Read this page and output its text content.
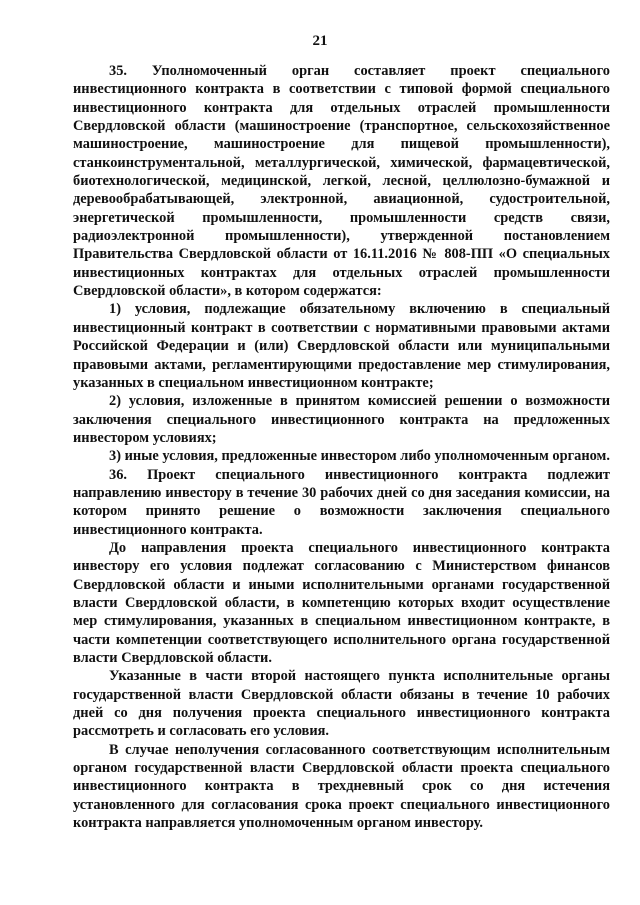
21

35. Уполномоченный орган составляет проект специального инвестиционного контракта в соответствии с типовой формой специального инвестиционного контракта для отдельных отраслей промышленности Свердловской области (машиностроение (транспортное, сельскохозяйственное машиностроение, машиностроение для пищевой промышленности), станкоинструментальной, металлургической, химической, фармацевтической, биотехнологической, медицинской, легкой, лесной, целлюлозно-бумажной и деревообрабатывающей, электронной, авиационной, судостроительной, энергетической промышленности, промышленности средств связи, радиоэлектронной промышленности), утвержденной постановлением Правительства Свердловской области от 16.11.2016 № 808-ПП «О специальных инвестиционных контрактах для отдельных отраслей промышленности Свердловской области», в котором содержатся:

1) условия, подлежащие обязательному включению в специальный инвестиционный контракт в соответствии с нормативными правовыми актами Российской Федерации и (или) Свердловской области или муниципальными правовыми актами, регламентирующими предоставление мер стимулирования, указанных в специальном инвестиционном контракте;

2) условия, изложенные в принятом комиссией решении о возможности заключения специального инвестиционного контракта на предложенных инвестором условиях;

3) иные условия, предложенные инвестором либо уполномоченным органом.

36. Проект специального инвестиционного контракта подлежит направлению инвестору в течение 30 рабочих дней со дня заседания комиссии, на котором принято решение о возможности заключения специального инвестиционного контракта.

До направления проекта специального инвестиционного контракта инвестору его условия подлежат согласованию с Министерством финансов Свердловской области и иными исполнительными органами государственной власти Свердловской области, в компетенцию которых входит осуществление мер стимулирования, указанных в специальном инвестиционном контракте, в части компетенции соответствующего исполнительного органа государственной власти Свердловской области.

Указанные в части второй настоящего пункта исполнительные органы государственной власти Свердловской области обязаны в течение 10 рабочих дней со дня получения проекта специального инвестиционного контракта рассмотреть и согласовать его условия.

В случае неполучения согласованного соответствующим исполнительным органом государственной власти Свердловской области проекта специального инвестиционного контракта в трехдневный срок со дня истечения установленного для согласования срока проект специального инвестиционного контракта направляется уполномоченным органом инвестору.
